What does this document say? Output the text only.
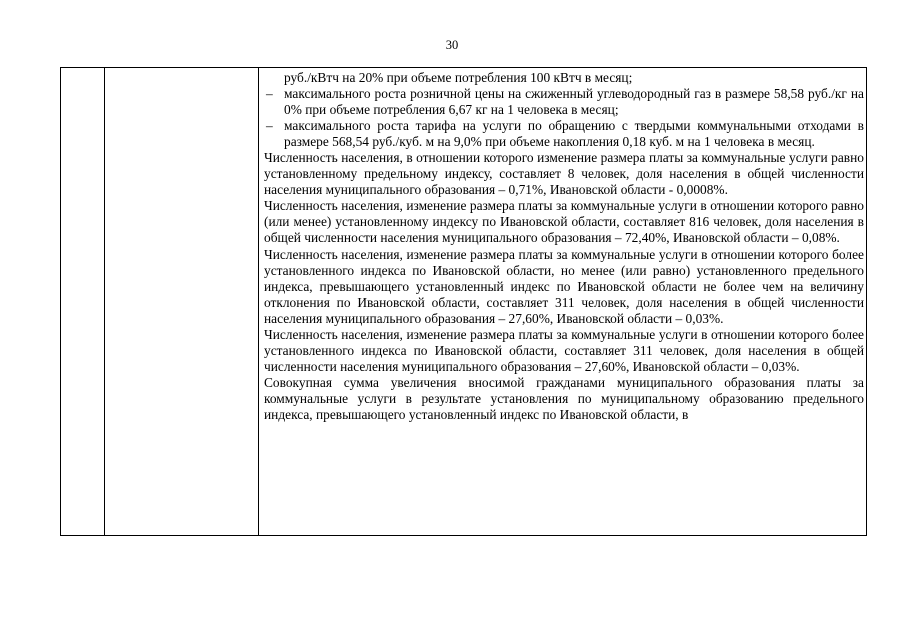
30

руб./кВтч на 20% при объеме потребления 100 кВтч в месяц;

– максимального роста розничной цены на сжиженный углеводородный газ в размере 58,58 руб./кг на 0% при объеме потребления 6,67 кг на 1 человека в месяц;

– максимального роста тарифа на услуги по обращению с твердыми коммунальными отходами в размере 568,54 руб./куб. м на 9,0% при объеме накопления 0,18 куб. м на 1 человека в месяц.

Численность населения, в отношении которого изменение размера платы за коммунальные услуги равно установленному предельному индексу, составляет 8 человек, доля населения в общей численности населения муниципального образования – 0,71%, Ивановской области - 0,0008%.

Численность населения, изменение размера платы за коммунальные услуги в отношении которого равно (или менее) установленному индексу по Ивановской области, составляет 816 человек, доля населения в общей численности населения муниципального образования – 72,40%, Ивановской области – 0,08%.

Численность населения, изменение размера платы за коммунальные услуги в отношении которого более установленного индекса по Ивановской области, но менее (или равно) установленного предельного индекса, превышающего установленный индекс по Ивановской области не более чем на величину отклонения по Ивановской области, составляет 311 человек, доля населения в общей численности населения муниципального образования – 27,60%, Ивановской области – 0,03%.

Численность населения, изменение размера платы за коммунальные услуги в отношении которого более установленного индекса по Ивановской области, составляет 311 человек, доля населения в общей численности населения муниципального образования – 27,60%, Ивановской области – 0,03%.

Совокупная сумма увеличения вносимой гражданами муниципального образования платы за коммунальные услуги в результате установления по муниципальному образованию предельного индекса, превышающего установленный индекс по Ивановской области, в
